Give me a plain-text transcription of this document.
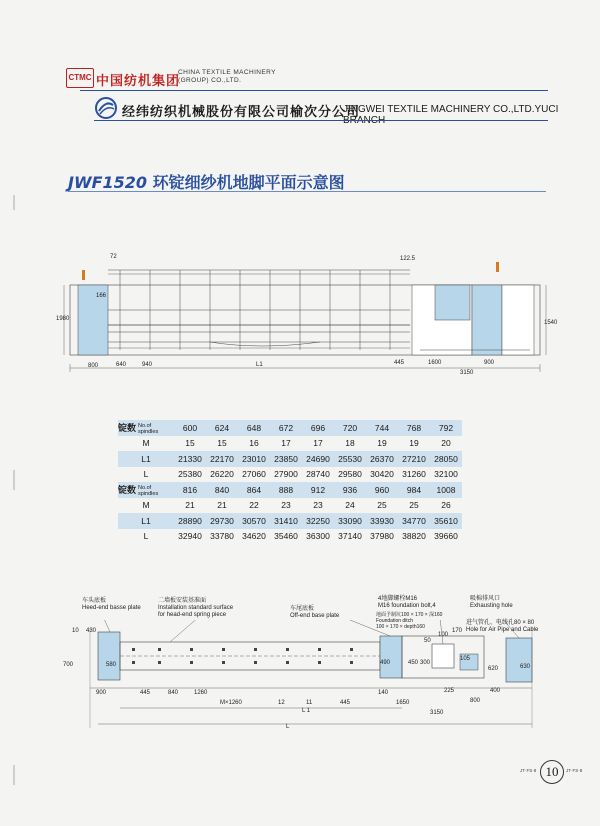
CTMC 中国纺机集团
CHINA TEXTILE MACHINERY
(GROUP) CO.,LTD.
经纬纺织机械股份有限公司榆次分公司
JINGWEI TEXTILE MACHINERY CO.,LTD.YUCI BRANCH
JWF1520 环锭细纱机地脚平面示意图
72	122.5
166
1980
1540
800	640	940	L1	445	1600	900
3150
锭数 No.of
spindles	600	624	648	672	696	720	744	768	792
M	15	15	16	17	17	18	19	19	20
L1	21330	22170	23010	23850	24690	25530	26370	27210	28050
L	25380	26220	27060	27900	28740	29580	30420	31260	32100
锭数 No.of
spindles	816	840	864	888	912	936	960	984	1008
M	21	21	22	23	23	24	25	25	26
L1	28890	29730	30570	31410	32250	33090	33930	34770	35610
L	32940	33780	34620	35460	36300	37140	37980	38820	39660
车头底板
Heed-end basse plate
二墙板安装基准面
Installation standard surface
for head-end spring piece
车尾底板
Off-end base plate
4地脚螺栓M16
M16 foundation bolt,4
地面予制坑100 × 170 × 深160
Foundation ditch
100 × 170 × depth160
吸棉排风口
Exhausting hole
进气管孔、电线孔80 × 80
Hole for Air Pipe and Cable
10 430
700	580
900	445	840	1260
M×1260	12	11	445	1650
140
490	450 300
50
100
170
105
225
620
800
400
630
3150
L 1
L
JT·FS·8 10	JT·FS·8
